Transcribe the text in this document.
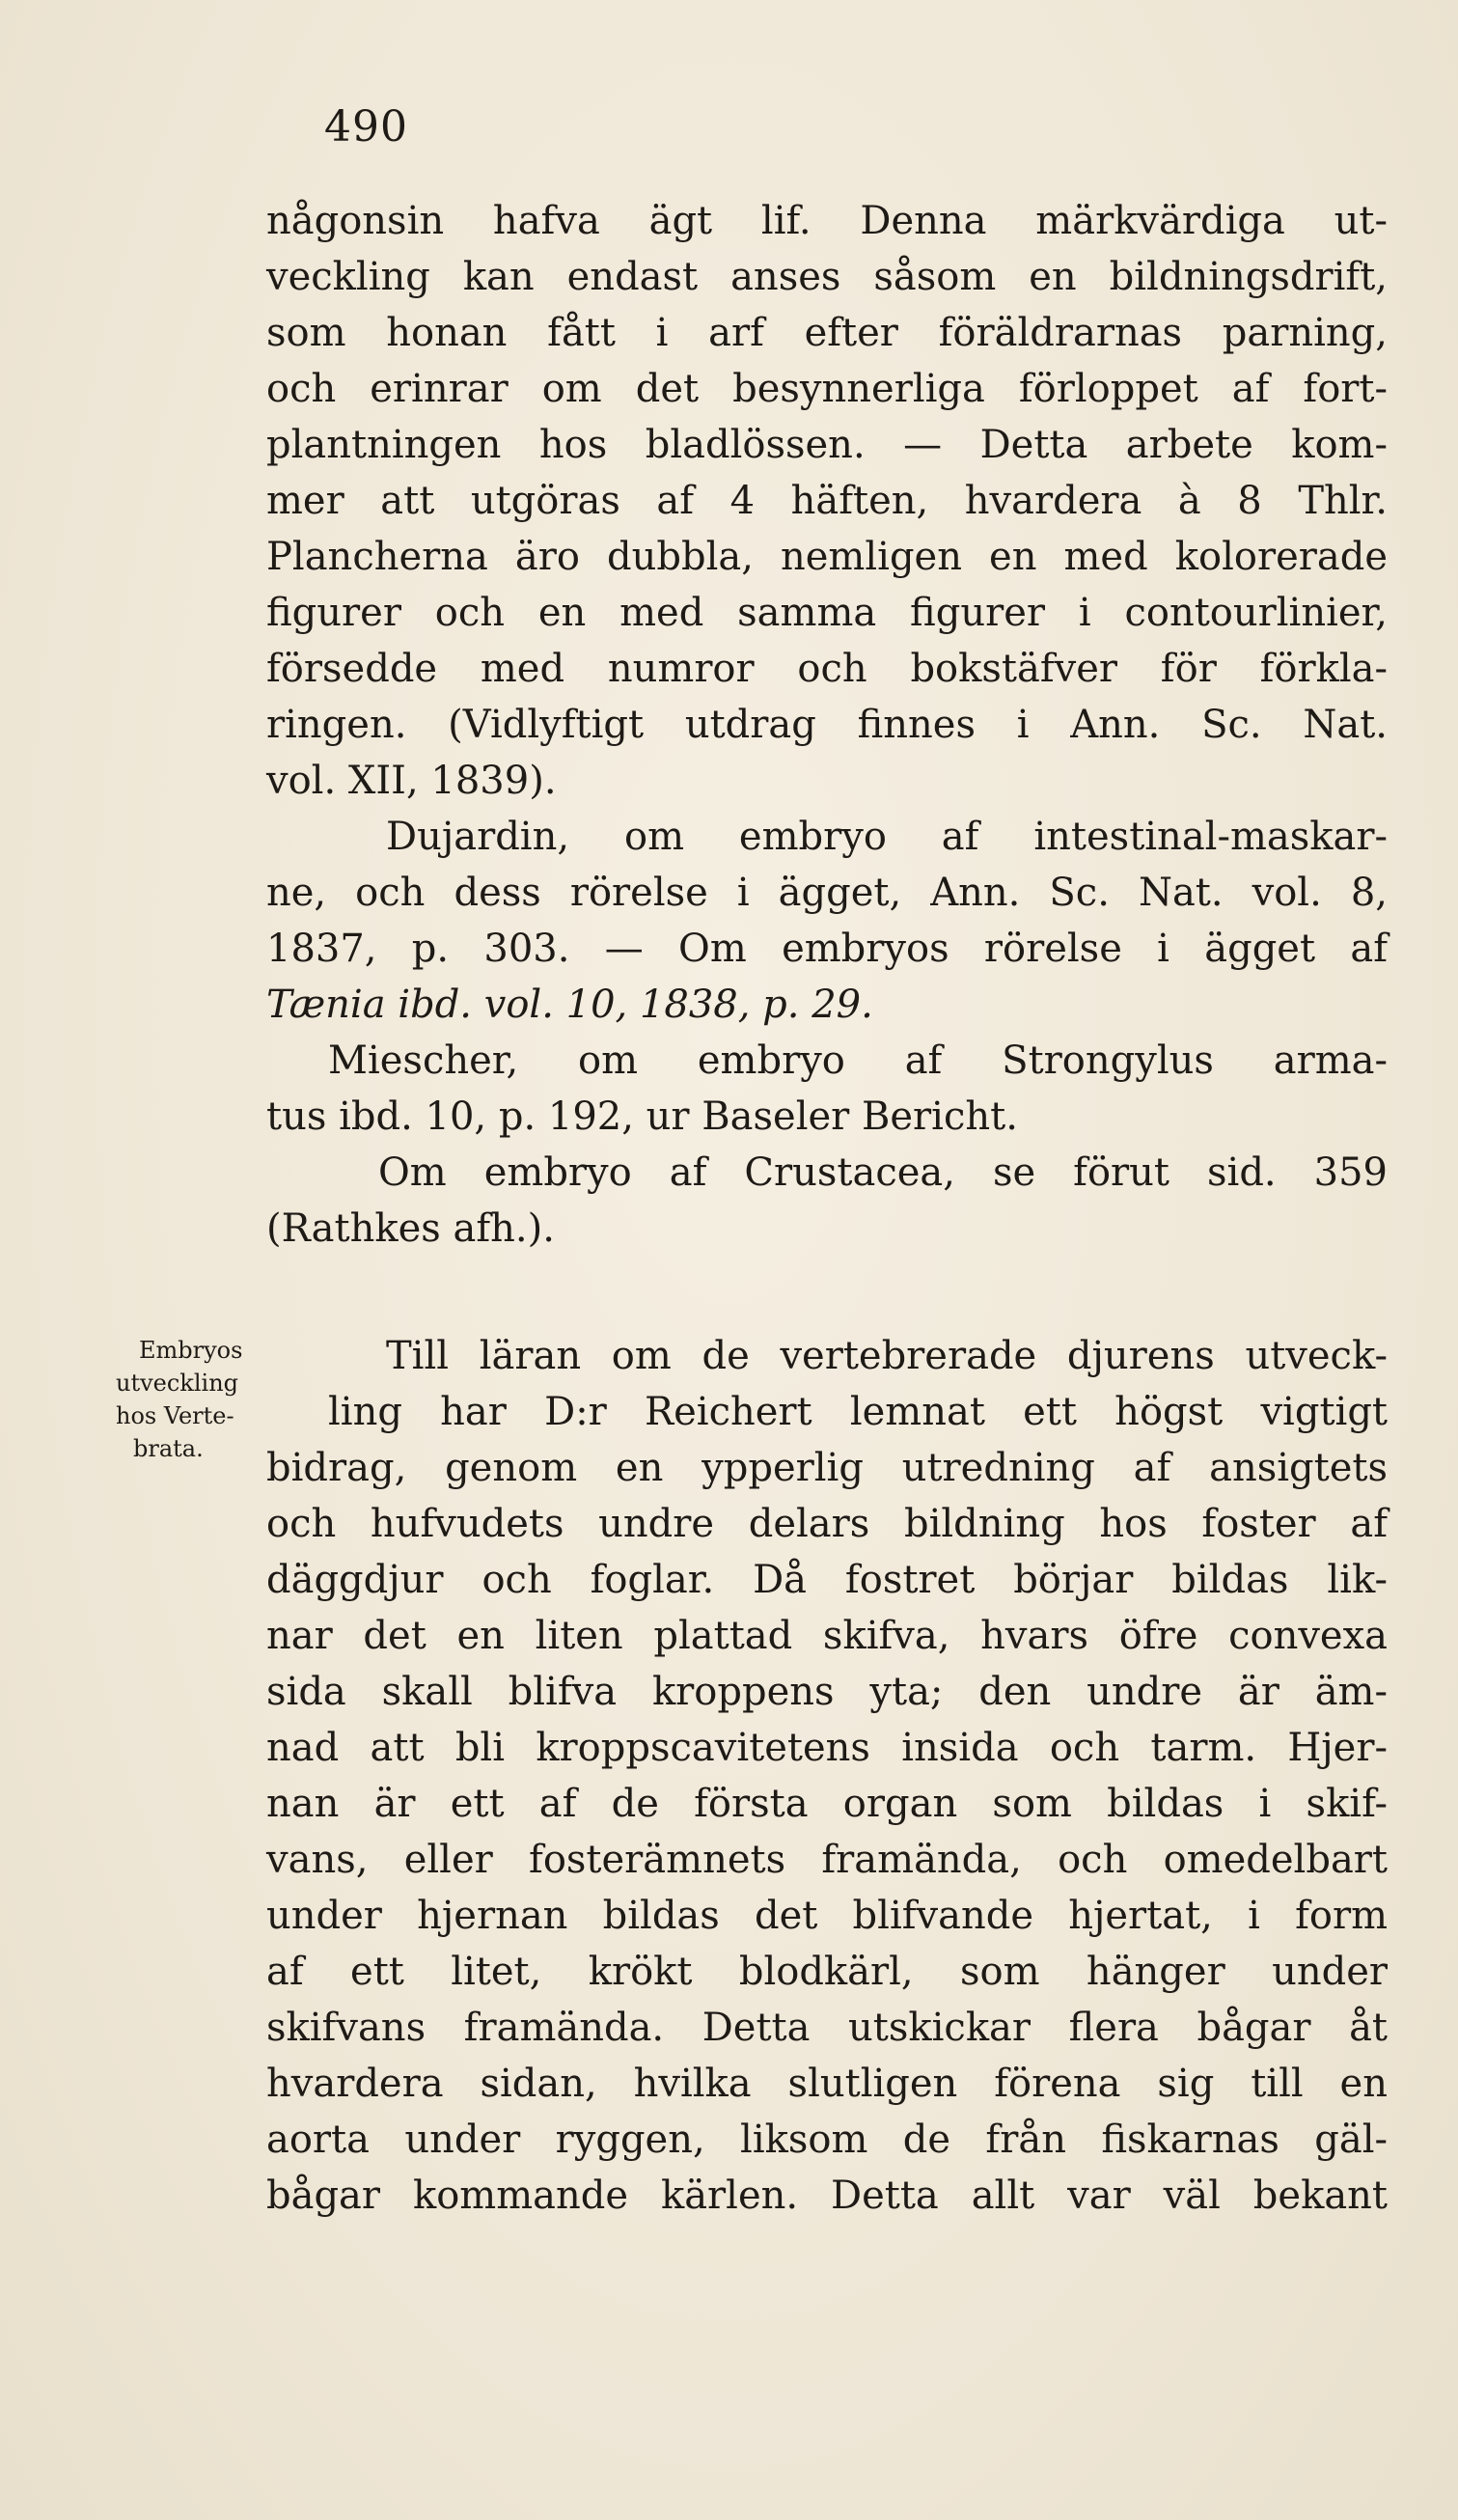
490
Embryos
utveckling
hos Verte-
brata.
någonsin hafva ägt lif. Denna märkvärdiga ut-
veckling kan endast anses såsom en bildningsdrift,
som honan fått i arf efter föräldrarnas parning,
och erinrar om det besynnerliga förloppet af fort-
plantningen hos bladlössen. — Detta arbete kom-
mer att utgöras af 4 häften, hvardera à 8 Thlr.
Plancherna äro dubbla, nemligen en med kolorerade
figurer och en med samma figurer i contourlinier,
försedde med numror och bokstäfver för förkla-
ringen. (Vidlyftigt utdrag finnes i Ann. Sc. Nat.
vol. XII, 1839).
Dujardin, om embryo af intestinal-maskar-
ne, och dess rörelse i ägget, Ann. Sc. Nat. vol. 8,
1837, p. 303. — Om embryos rörelse i ägget af
Tænia ibd. vol. 10, 1838, p. 29.
Miescher, om embryo af Strongylus arma-
tus ibd. 10, p. 192, ur Baseler Bericht.
Om embryo af Crustacea, se förut sid. 359
(Rathkes afh.).
Till läran om de vertebrerade djurens utveck-
ling har D:r Reichert lemnat ett högst vigtigt
bidrag, genom en ypperlig utredning af ansigtets
och hufvudets undre delars bildning hos foster af
däggdjur och foglar. Då fostret börjar bildas lik-
nar det en liten plattad skifva, hvars öfre convexa
sida skall blifva kroppens yta; den undre är äm-
nad att bli kroppscavitetens insida och tarm. Hjer-
nan är ett af de första organ som bildas i skif-
vans, eller fosterämnets framända, och omedelbart
under hjernan bildas det blifvande hjertat, i form
af ett litet, krökt blodkärl, som hänger under
skifvans framända. Detta utskickar flera bågar åt
hvardera sidan, hvilka slutligen förena sig till en
aorta under ryggen, liksom de från fiskarnas gäl-
bågar kommande kärlen. Detta allt var väl bekant
